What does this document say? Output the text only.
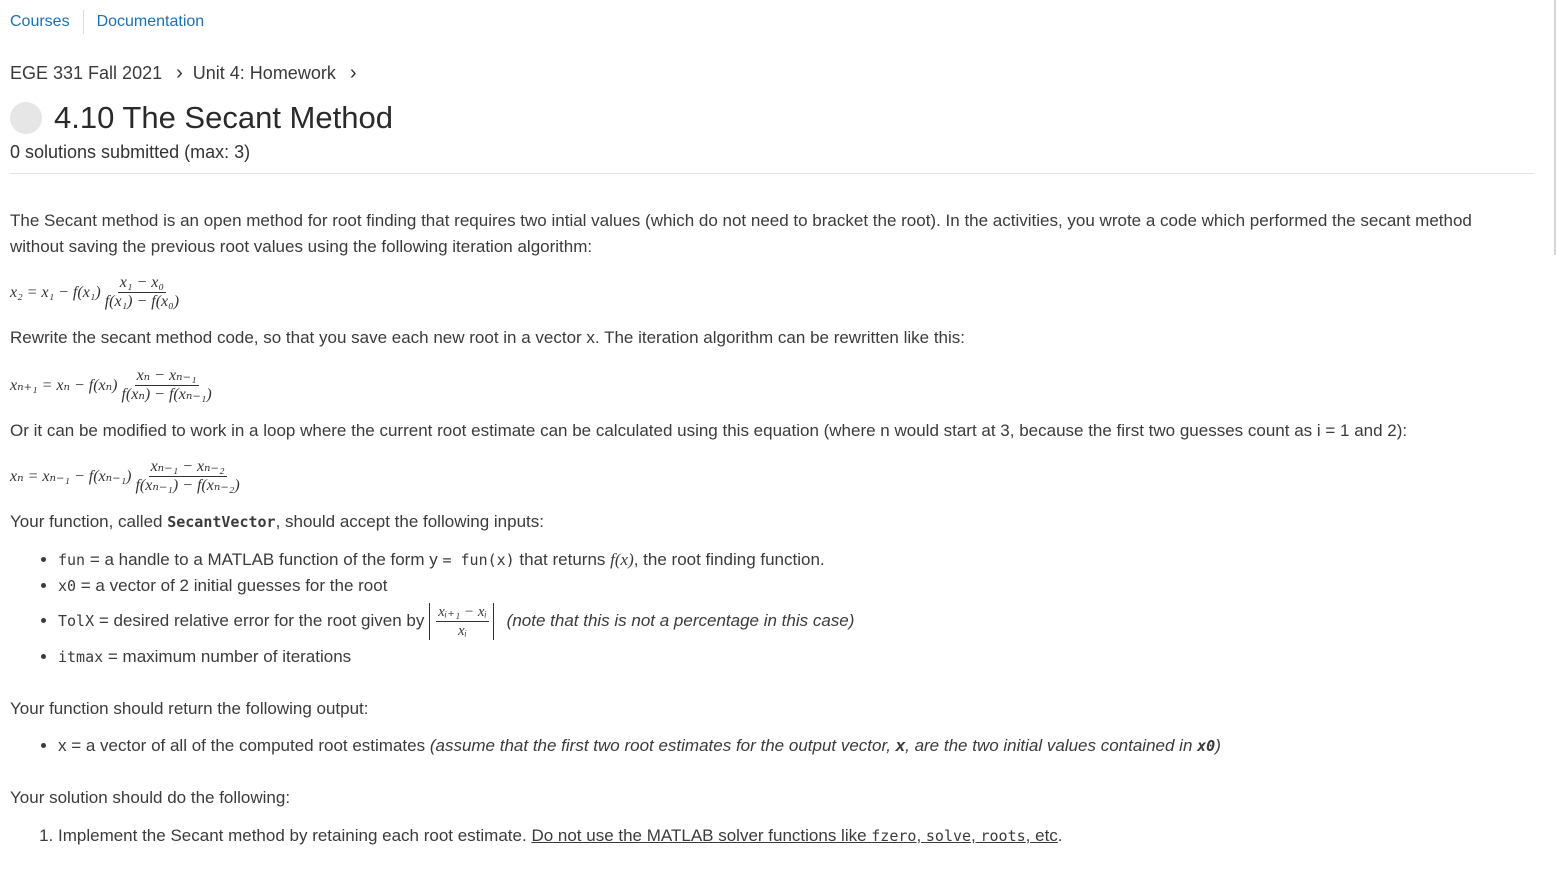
Courses Documentation
EGE 331 Fall 2021 › Unit 4: Homework ›
4.10 The Secant Method
0 solutions submitted (max: 3)

The Secant method is an open method for root finding that requires two intial values (which do not need to bracket the root). In the activities, you wrote a code which performed the secant method without saving the previous root values using the following iteration algorithm:

$x_2 = x_1 - f(x_1) \frac{\text{x₁ − x₀}}{\text{f(x₁) − f(x₀)}}$

Rewrite the secant method code, so that you save each new root in a vector x. The iteration algorithm can be rewritten like this:

$x_{n+1} = x_n - f(x_n) \frac{\text{xₙ − xₙ₋₁}}{\text{f(xₙ) − f(xₙ₋₁)}}$

Or it can be modified to work in a loop where the current root estimate can be calculated using this equation (where n would start at 3, because the first two guesses count as i = 1 and 2):

$x_n = x_{n-1} - f(x_{n-1}) \frac{\text{xₙ₋₁ − xₙ₋₂}}{\text{f(xₙ₋₁) − f(xₙ₋₂)}}$

Your function, called SecantVector, should accept the following inputs:

• fun = a handle to a MATLAB function of the form y = fun(x) that returns f(x), the root finding function.
• x0 = a vector of 2 initial guesses for the root
• TolX = desired relative error for the root given by $\frac{\text{xᵢ₊₁ − xᵢ}}{\text{xᵢ}}$ (note that this is not a percentage in this case)
• itmax = maximum number of iterations

Your function should return the following output:

• x = a vector of all of the computed root estimates (assume that the first two root estimates for the output vector, x, are the two initial values contained in x0)

Your solution should do the following:

1. Implement the Secant method by retaining each root estimate. Do not use the MATLAB solver functions like fzero, solve, roots, etc.
